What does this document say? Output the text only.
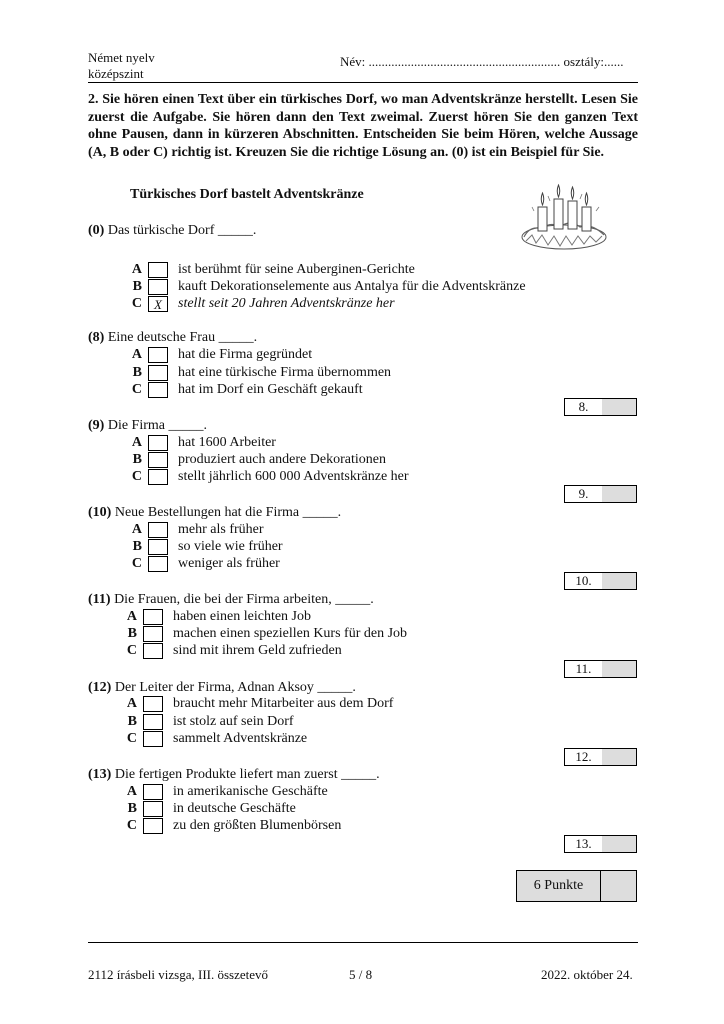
Német nyelv
középszint
Név: ........................................................... osztály:......
2. Sie hören einen Text über ein türkisches Dorf, wo man Adventskränze herstellt. Lesen Sie zuerst die Aufgabe. Sie hören dann den Text zweimal. Zuerst hören Sie den ganzen Text ohne Pausen, dann in kürzeren Abschnitten. Entscheiden Sie beim Hören, welche Aussage (A, B oder C) richtig ist. Kreuzen Sie die richtige Lösung an. (0) ist ein Beispiel für Sie.
Türkisches Dorf bastelt Adventskränze
(0) Das türkische Dorf _____.
A	ist berühmt für seine Auberginen-Gerichte
B	kauft Dekorationselemente aus Antalya für die Adventskränze
C X	stellt seit 20 Jahren Adventskränze her
(8) Eine deutsche Frau _____.
A	hat die Firma gegründet
B	hat eine türkische Firma übernommen
C	hat im Dorf ein Geschäft gekauft
8.
(9) Die Firma _____.
A	hat 1600 Arbeiter
B	produziert auch andere Dekorationen
C	stellt jährlich 600 000 Adventskränze her
9.
(10) Neue Bestellungen hat die Firma _____.
A	mehr als früher
B	so viele wie früher
C	weniger als früher
10.
(11) Die Frauen, die bei der Firma arbeiten, _____.
A	haben einen leichten Job
B	machen einen speziellen Kurs für den Job
C	sind mit ihrem Geld zufrieden
11.
(12) Der Leiter der Firma, Adnan Aksoy _____.
A	braucht mehr Mitarbeiter aus dem Dorf
B	ist stolz auf sein Dorf
C	sammelt Adventskränze
12.
(13) Die fertigen Produkte liefert man zuerst _____.
A	in amerikanische Geschäfte
B	in deutsche Geschäfte
C	zu den größten Blumenbörsen
13.
6 Punkte
2112 írásbeli vizsga, III. összetevő	5 / 8	2022. október 24.
